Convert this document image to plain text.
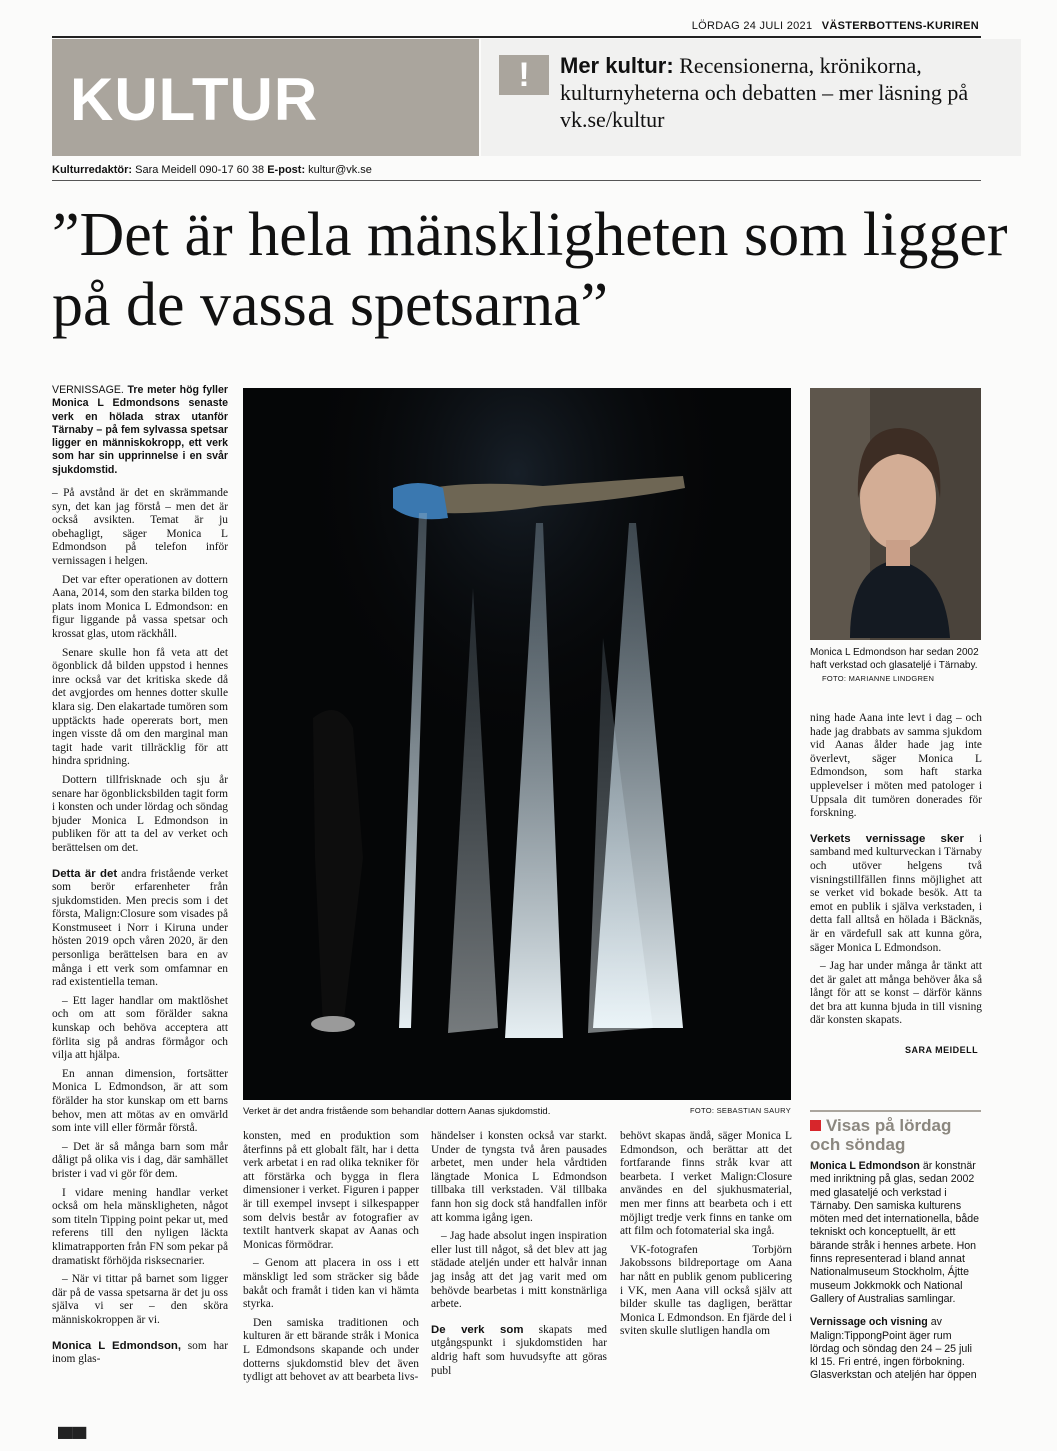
LÖRDAG 24 JULI 2021 VÄSTERBOTTENS-KURIREN
KULTUR	!	Mer kultur: Recensionerna, krönikorna, kulturnyheterna och debatten – mer läsning på vk.se/kultur
Kulturredaktör: Sara Meidell 090-17 60 38 E-post: kultur@vk.se
”Det är hela mänskligheten som ligger på de vassa spetsarna”

VERNISSAGE. Tre meter hög fyller Monica L Edmondsons senaste verk en hölada strax utanför Tärnaby – på fem sylvassa spetsar ligger en människokropp, ett verk som har sin upprinnelse i en svår sjukdomstid.

– På avstånd är det en skrämmande syn, det kan jag förstå – men det är också avsikten. Temat är ju obehagligt, säger Monica L Edmondson på telefon inför vernissagen i helgen.

Det var efter operationen av dottern Aana, 2014, som den starka bilden tog plats inom Monica L Edmondson: en figur liggande på vassa spetsar och krossat glas, utom räckhåll.

Senare skulle hon få veta att det ögonblick då bilden uppstod i hennes inre också var det kritiska skede då det avgjordes om hennes dotter skulle klara sig. Den elakartade tumören som upptäckts hade opererats bort, men ingen visste då om den marginal man tagit hade varit tillräcklig för att hindra spridning.

Dottern tillfrisknade och sju år senare har ögonblicksbilden tagit form i konsten och under lördag och söndag bjuder Monica L Edmondson in publiken för att ta del av verket och berättelsen om det.

Detta är det andra fristående verket som berör erfarenheter från sjukdomstiden. Men precis som i det första, Malign:Closure som visades på Konstmuseet i Norr i Kiruna under hösten 2019 opch våren 2020, är den personliga berättelsen bara en av många i ett verk som omfamnar en rad existentiella teman.

– Ett lager handlar om maktlöshet och om att som förälder sakna kunskap och behöva acceptera att förlita sig på andras förmågor och vilja att hjälpa.

En annan dimension, fortsätter Monica L Edmondson, är att som förälder ha stor kunskap om ett barns behov, men att mötas av en omvärld som inte vill eller förmår förstå.

– Det är så många barn som mår dåligt på olika vis i dag, där samhället brister i vad vi gör för dem.

I vidare mening handlar verket också om hela mänskligheten, något som titeln Tipping point pekar ut, med referens till den nyligen läckta klimatrapporten från FN som pekar på dramatiskt förhöjda risksecnarier.

– När vi tittar på barnet som ligger där på de vassa spetsarna är det ju oss själva vi ser – den sköra människokroppen är vi.

Monica L Edmondson, som har inom glas-

Verket är det andra fristående som behandlar dottern Aanas sjukdomstid.	FOTO: SEBASTIAN SAURY

konsten, med en produktion som återfinns på ett globalt fält, har i detta verk arbetat i en rad olika tekniker för att förstärka och bygga in flera dimensioner i verket. Figuren i papper är till exempel invsept i silkespapper som delvis består av fotografier av textilt hantverk skapat av Aanas och Monicas förmödrar.

– Genom att placera in oss i ett mänskligt led som sträcker sig både bakåt och framåt i tiden kan vi hämta styrka.

Den samiska traditionen och kulturen är ett bärande stråk i Monica L Edmondsons skapande och under dotterns sjukdomstid blev det även tydligt att behovet av att bearbeta livs-

händelser i konsten också var starkt. Under de tyngsta två åren pausades arbetet, men under hela vårdtiden längtade Monica L Edmondson tillbaka till verkstaden. Väl tillbaka fann hon sig dock stå handfallen inför att komma igång igen.

– Jag hade absolut ingen inspiration eller lust till något, så det blev att jag städade ateljén under ett halvår innan jag insåg att det jag varit med om behövde bearbetas i mitt konstnärliga arbete.

De verk som skapats med utgångspunkt i sjukdomstiden har aldrig haft som huvudsyfte att göras publ

behövt skapas ändå, säger Monica L Edmondson, och berättar att det fortfarande finns stråk kvar att bearbeta. I verket Malign:Closure användes en del sjukhusmaterial, men mer finns att bearbeta och i ett möjligt tredje verk finns en tanke om att film och fotomaterial ska ingå.

VK-fotografen Torbjörn Jakobssons bildreportage om Aana har nått en publik genom publicering i VK, men Aana vill också själv att bilder skulle tas dagligen, berättar Monica L Edmondson. En fjärde del i sviten skulle slutligen handla om

Monica L Edmondson har sedan 2002 haft verkstad och glasateljé i Tärnaby. FOTO: MARIANNE LINDGREN

ning hade Aana inte levt i dag – och hade jag drabbats av samma sjukdom vid Aanas ålder hade jag inte överlevt, säger Monica L Edmondson, som haft starka upplevelser i möten med patologer i Uppsala dit tumören donerades för forskning.

Verkets vernissage sker i samband med kulturveckan i Tärnaby och utöver helgens två visningstillfällen finns möjlighet att se verket vid bokade besök. Att ta emot en publik i själva verkstaden, i detta fall alltså en hölada i Bäcknäs, är en värdefull sak att kunna göra, säger Monica L Edmondson.

– Jag har under många år tänkt att det är galet att många behöver åka så långt för att se konst – därför känns det bra att kunna bjuda in till visning där konsten skapats.

SARA MEIDELL
Visas på lördag och söndag

Monica L Edmondson är konstnär med inriktning på glas, sedan 2002 med glasateljé och verkstad i Tärnaby. Den samiska kulturens möten med det internationella, både tekniskt och konceptuellt, är ett bärande stråk i hennes arbete. Hon finns representerad i bland annat Nationalmuseum Stockholm, Ájtte museum Jokkmokk och National Gallery of Australias samlingar.

Vernissage och visning av Malign:TippongPoint äger rum lördag och söndag den 24 – 25 juli kl 15. Fri entré, ingen förbokning. Glasverkstan och ateljén har öppen

▀▀
